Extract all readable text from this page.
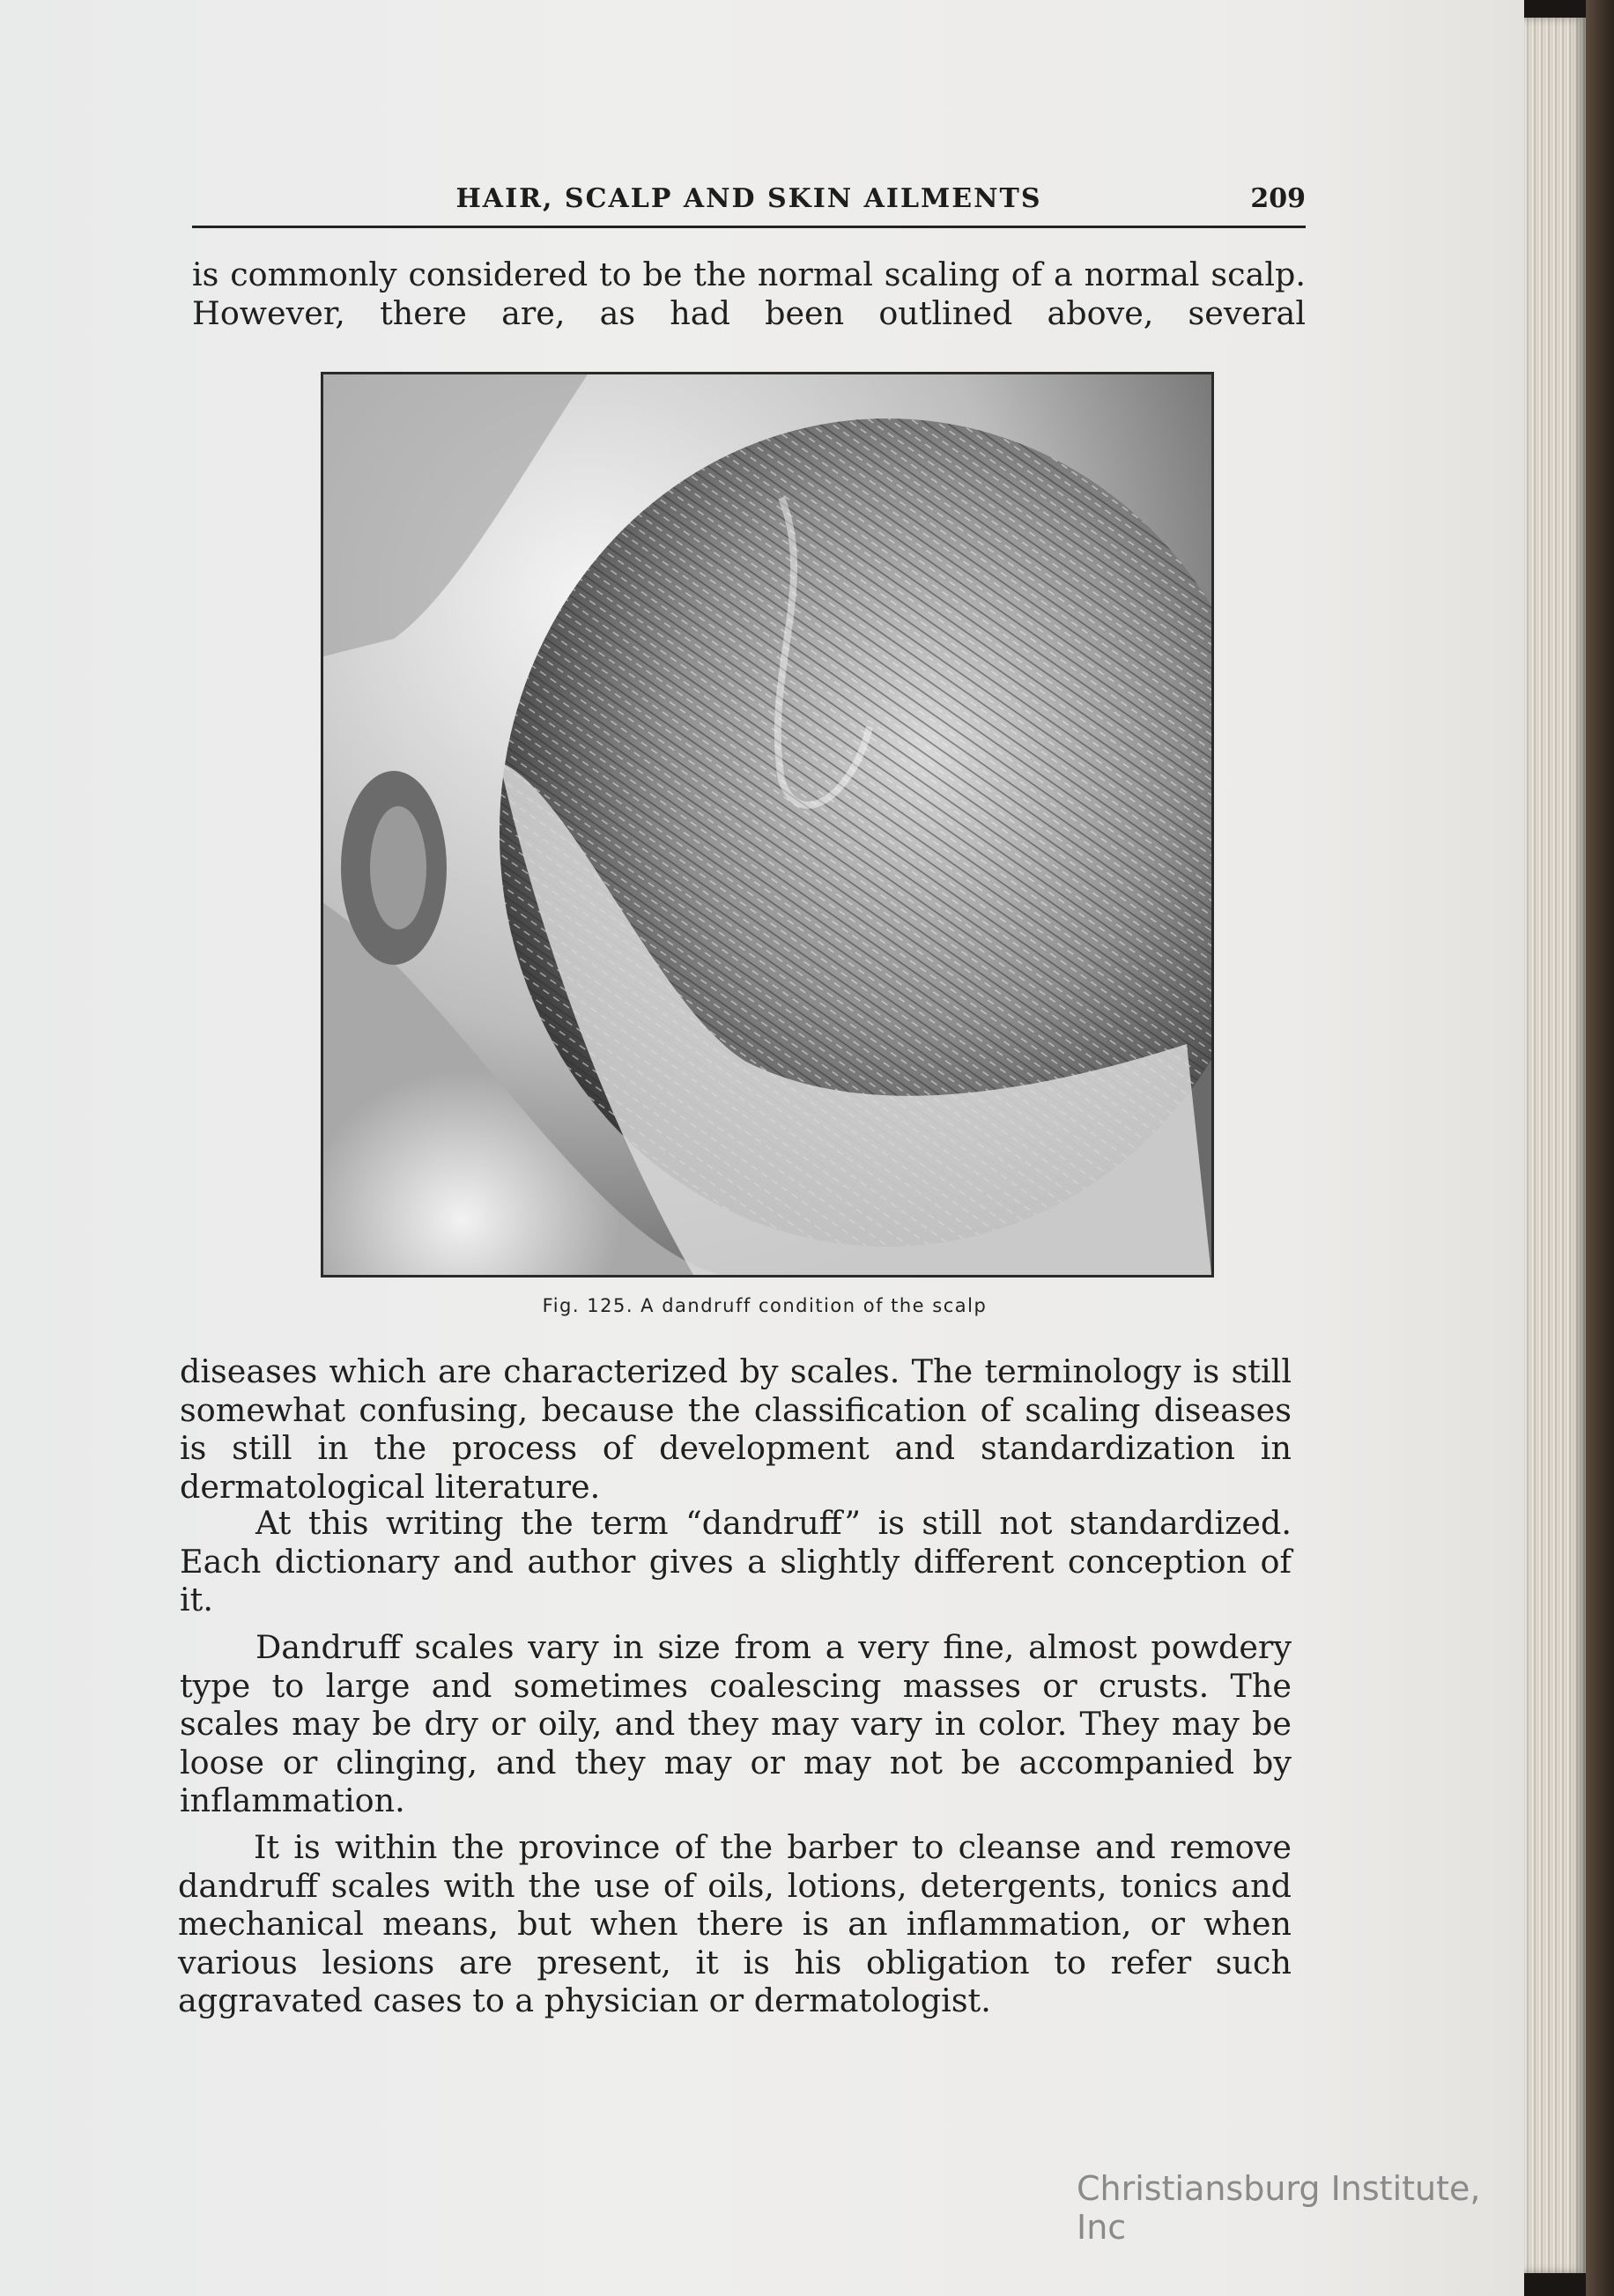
HAIR, SCALP AND SKIN AILMENTS	209

is commonly considered to be the normal scaling of a normal scalp. However, there are, as had been outlined above, several

Fig. 125. A dandruff condition of the scalp

diseases which are characterized by scales. The terminology is still somewhat confusing, because the classification of scaling diseases is still in the process of development and standardization in dermatological literature.

At this writing the term “dandruff” is still not standardized. Each dictionary and author gives a slightly different conception of it.

Dandruff scales vary in size from a very fine, almost powdery type to large and sometimes coalescing masses or crusts. The scales may be dry or oily, and they may vary in color. They may be loose or clinging, and they may or may not be accompanied by inflammation.

It is within the province of the barber to cleanse and remove dandruff scales with the use of oils, lotions, detergents, tonics and mechanical means, but when there is an inflammation, or when various lesions are present, it is his obligation to refer such aggravated cases to a physician or dermatologist.

Christiansburg Institute, Inc
